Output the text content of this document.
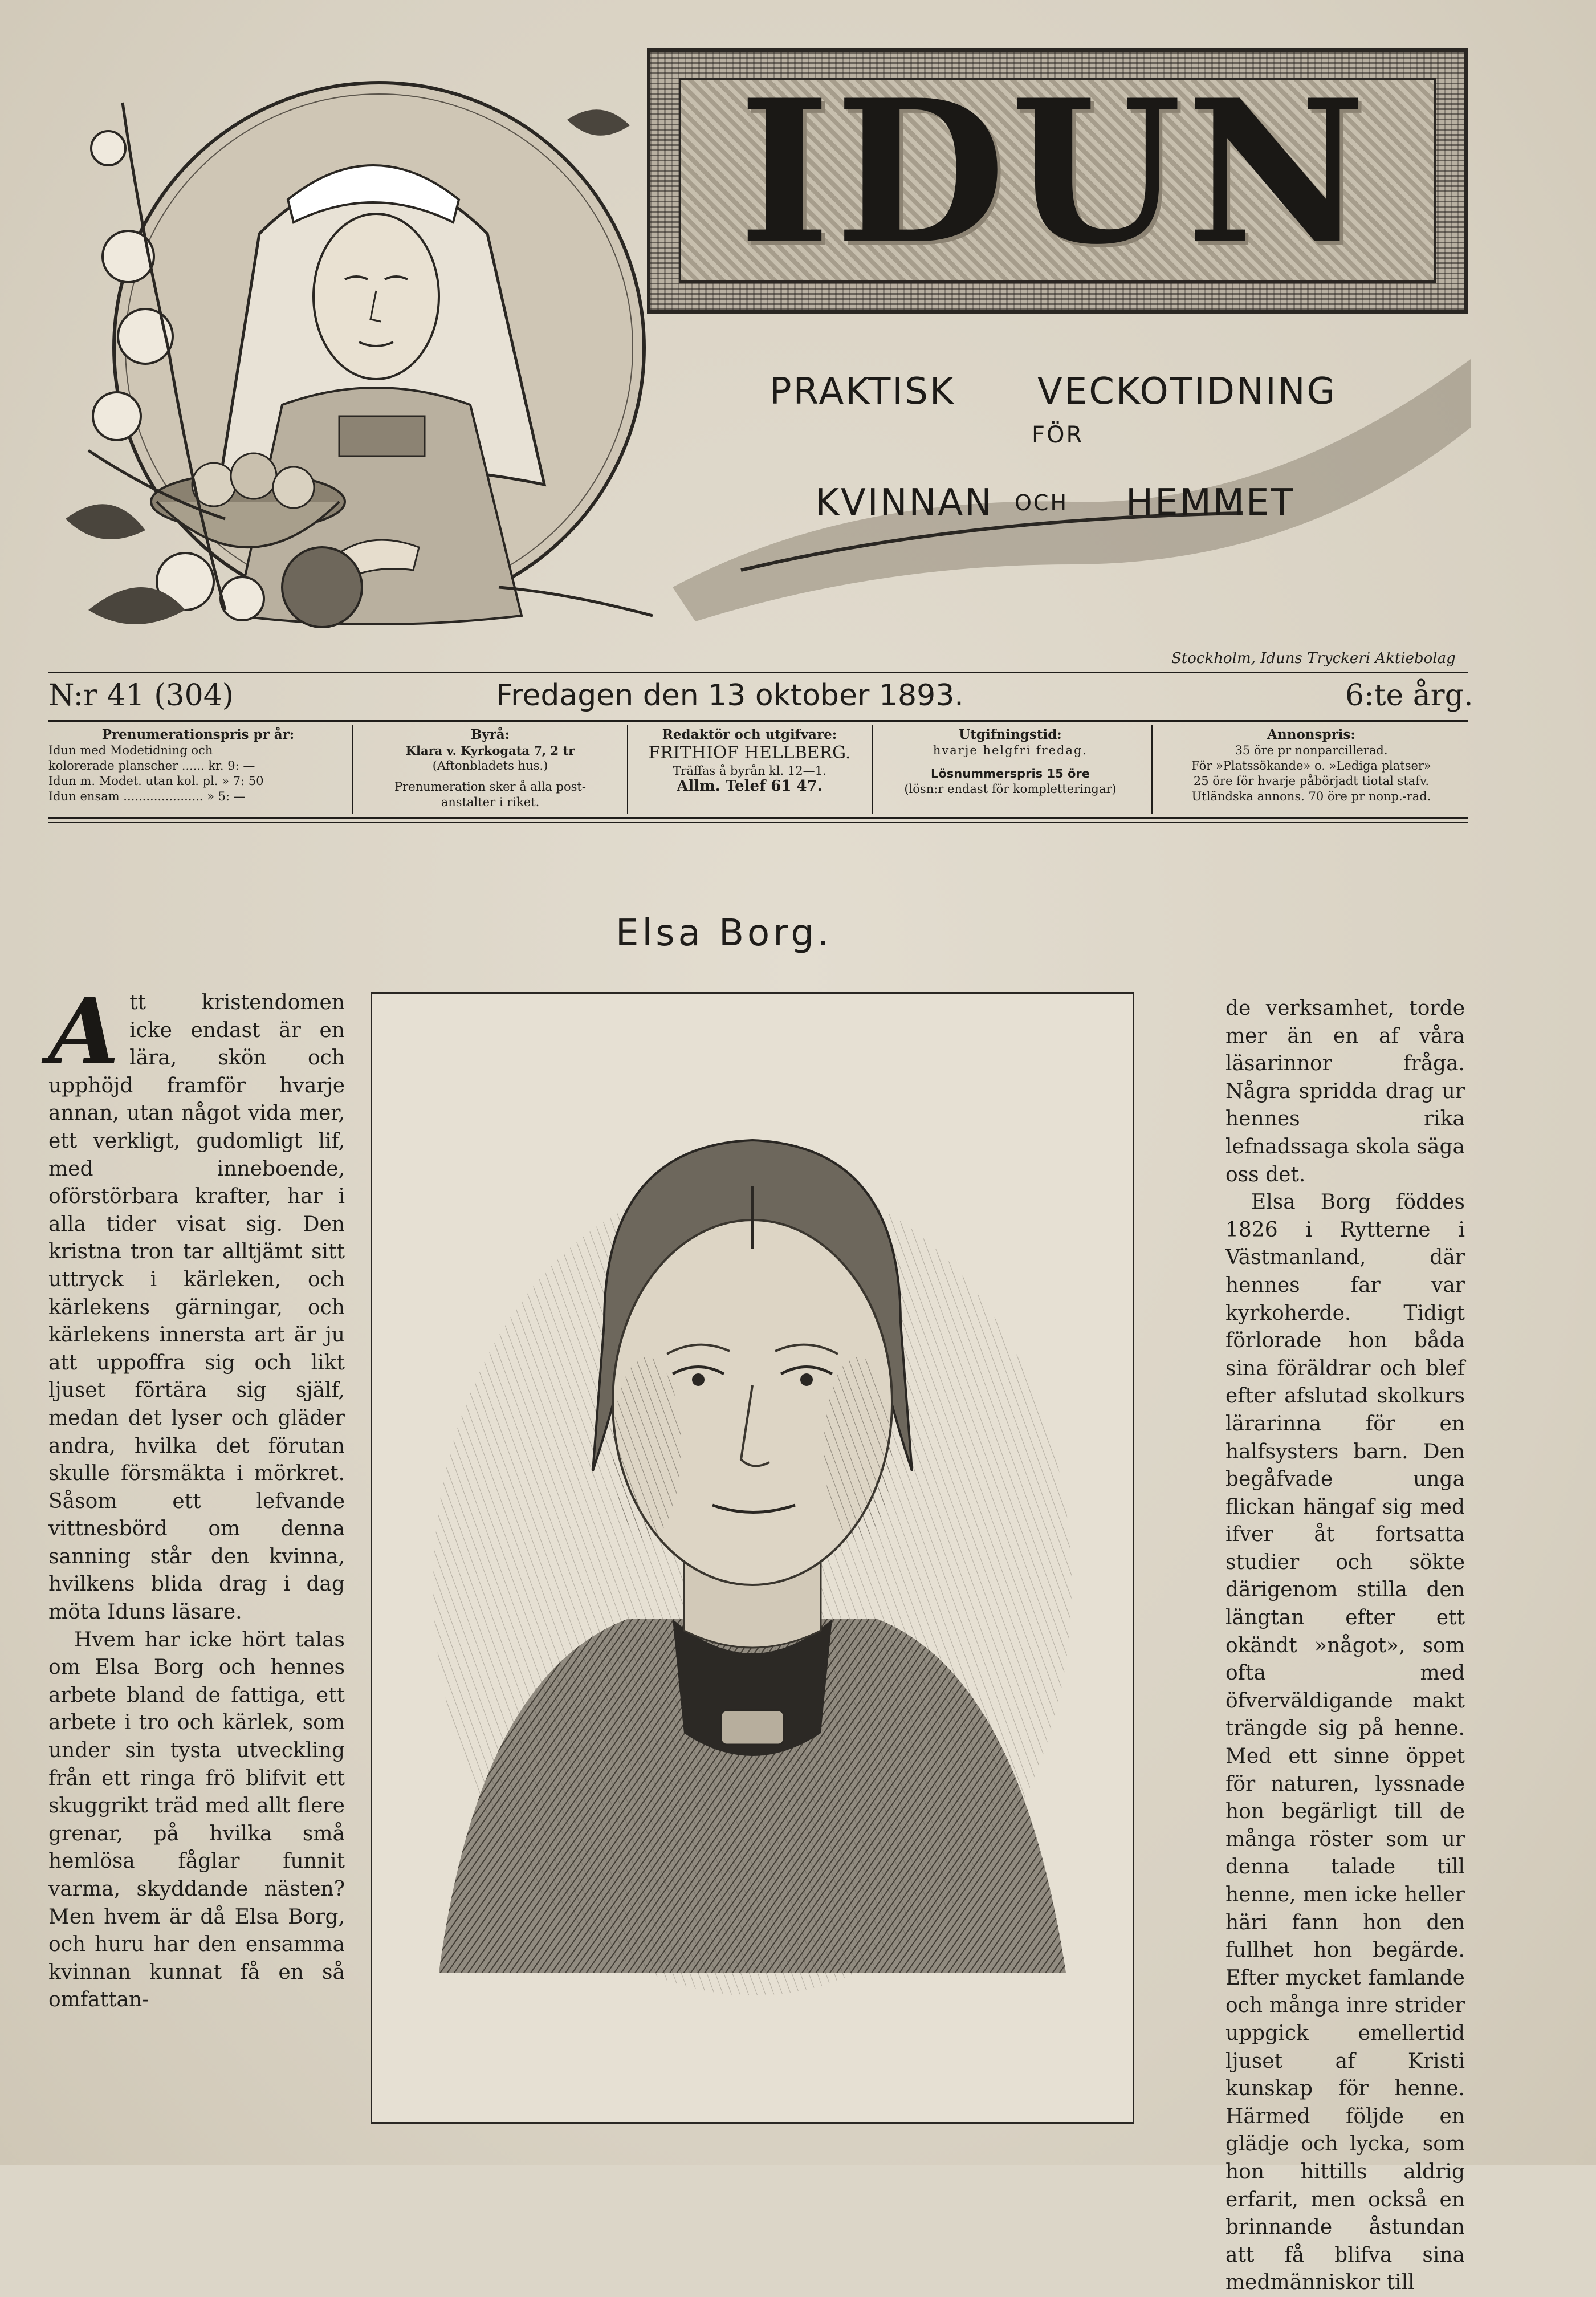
IDUN
PRAKTISK VECKOTIDNING
FÖR
KVINNAN OCH HEMMET
Stockholm, Iduns Tryckeri Aktiebolag
N:r 41 (304)	Fredagen den 13 oktober 1893.	6:te årg.
Prenumerationspris pr år:
Idun med Modetidning och
kolorerade planscher ...... kr. 9: —
Idun m. Modet. utan kol. pl. » 7: 50
Idun ensam ..................... » 5: —
Byrå:
Klara v. Kyrkogata 7, 2 tr
(Aftonbladets hus.)
Prenumeration sker å alla post-
anstalter i riket.
Redaktör och utgifvare:
FRITHIOF HELLBERG.
Träffas å byrån kl. 12—1.
Allm. Telef 61 47.
Utgifningstid:
hvarje helgfri fredag.
Lösnummerspris 15 öre
(lösn:r endast för kompletteringar)
Annonspris:
35 öre pr nonparcillerad.
För »Platssökande» o. »Lediga platser»
25 öre för hvarje påbörjadt tiotal stafv.
Utländska annons. 70 öre pr nonp.-rad.
Elsa Borg.

Att kristendomen icke endast är en lära, skön och upphöjd framför hvarje annan, utan något vida mer, ett verkligt, gudomligt lif, med inneboende, oförstörbara krafter, har i alla tider visat sig. Den kristna tron tar alltjämt sitt uttryck i kärleken, och kärlekens gärningar, och kärlekens innersta art är ju att uppoffra sig och likt ljuset förtära sig själf, medan det lyser och gläder andra, hvilka det förutan skulle försmäkta i mörkret. Såsom ett lefvande vittnesbörd om denna sanning står den kvinna, hvilkens blida drag i dag möta Iduns läsare.

Hvem har icke hört talas om Elsa Borg och hennes arbete bland de fattiga, ett arbete i tro och kärlek, som under sin tysta utveckling från ett ringa frö blifvit ett skuggrikt träd med allt flere grenar, på hvilka små hemlösa fåglar funnit varma, skyddande nästen? Men hvem är då Elsa Borg, och huru har den ensamma kvinnan kunnat få en så omfattan-

de verksamhet, torde mer än en af våra läsarinnor fråga. Några spridda drag ur hennes rika lefnadssaga skola säga oss det.

Elsa Borg föddes 1826 i Rytterne i Västmanland, där hennes far var kyrkoherde. Tidigt förlorade hon båda sina föräldrar och blef efter afslutad skolkurs lärarinna för en halfsysters barn. Den begåfvade unga flickan hängaf sig med ifver åt fortsatta studier och sökte därigenom stilla den längtan efter ett okändt »något», som ofta med öfverväldigande makt trängde sig på henne. Med ett sinne öppet för naturen, lyssnade hon begärligt till de många röster som ur denna talade till henne, men icke heller häri fann hon den fullhet hon begärde. Efter mycket famlande och många inre strider uppgick emellertid ljuset af Kristi kunskap för henne. Härmed följde en glädje och lycka, som hon hittills aldrig erfarit, men också en brinnande åstundan att få blifva sina medmänniskor till
